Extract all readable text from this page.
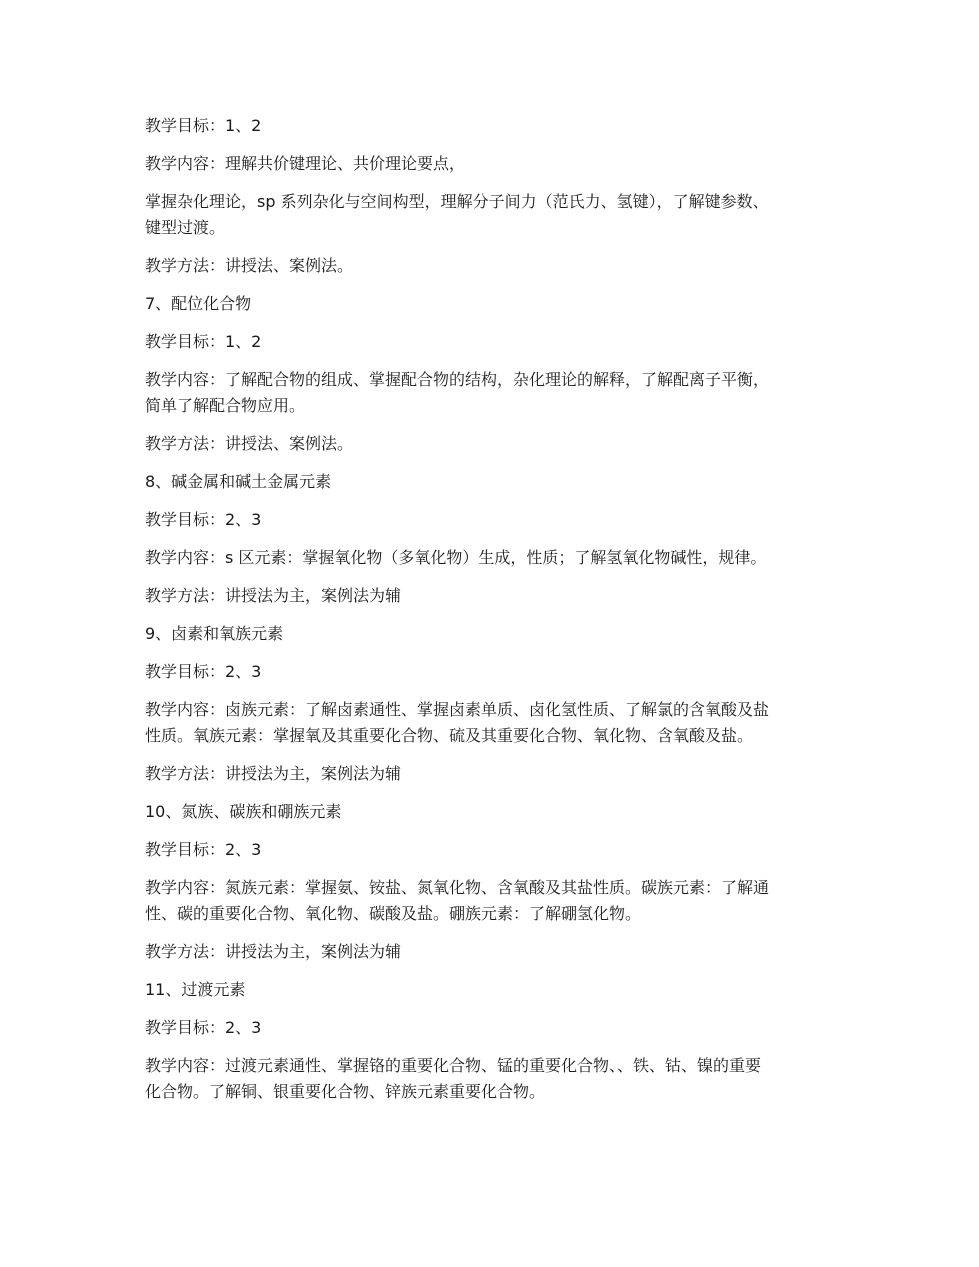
教学目标：1、2

教学内容：理解共价键理论、共价理论要点，

掌握杂化理论，sp 系列杂化与空间构型，理解分子间力（范氏力、氢键），了解键参数、
键型过渡。

教学方法：讲授法、案例法。

7、配位化合物

教学目标：1、2

教学内容：了解配合物的组成、掌握配合物的结构，杂化理论的解释，了解配离子平衡，
简单了解配合物应用。

教学方法：讲授法、案例法。

8、碱金属和碱土金属元素

教学目标：2、3

教学内容：s 区元素：掌握氧化物（多氧化物）生成，性质；了解氢氧化物碱性，规律。

教学方法：讲授法为主，案例法为辅

9、卤素和氧族元素

教学目标：2、3

教学内容：卤族元素：了解卤素通性、掌握卤素单质、卤化氢性质、了解氯的含氧酸及盐
性质。氧族元素：掌握氧及其重要化合物、硫及其重要化合物、氧化物、含氧酸及盐。

教学方法：讲授法为主，案例法为辅

10、氮族、碳族和硼族元素

教学目标：2、3

教学内容：氮族元素：掌握氨、铵盐、氮氧化物、含氧酸及其盐性质。碳族元素：了解通
性、碳的重要化合物、氧化物、碳酸及盐。硼族元素：了解硼氢化物。

教学方法：讲授法为主，案例法为辅

11、过渡元素

教学目标：2、3

教学内容：过渡元素通性、掌握铬的重要化合物、锰的重要化合物、、铁、钴、镍的重要
化合物。了解铜、银重要化合物、锌族元素重要化合物。
